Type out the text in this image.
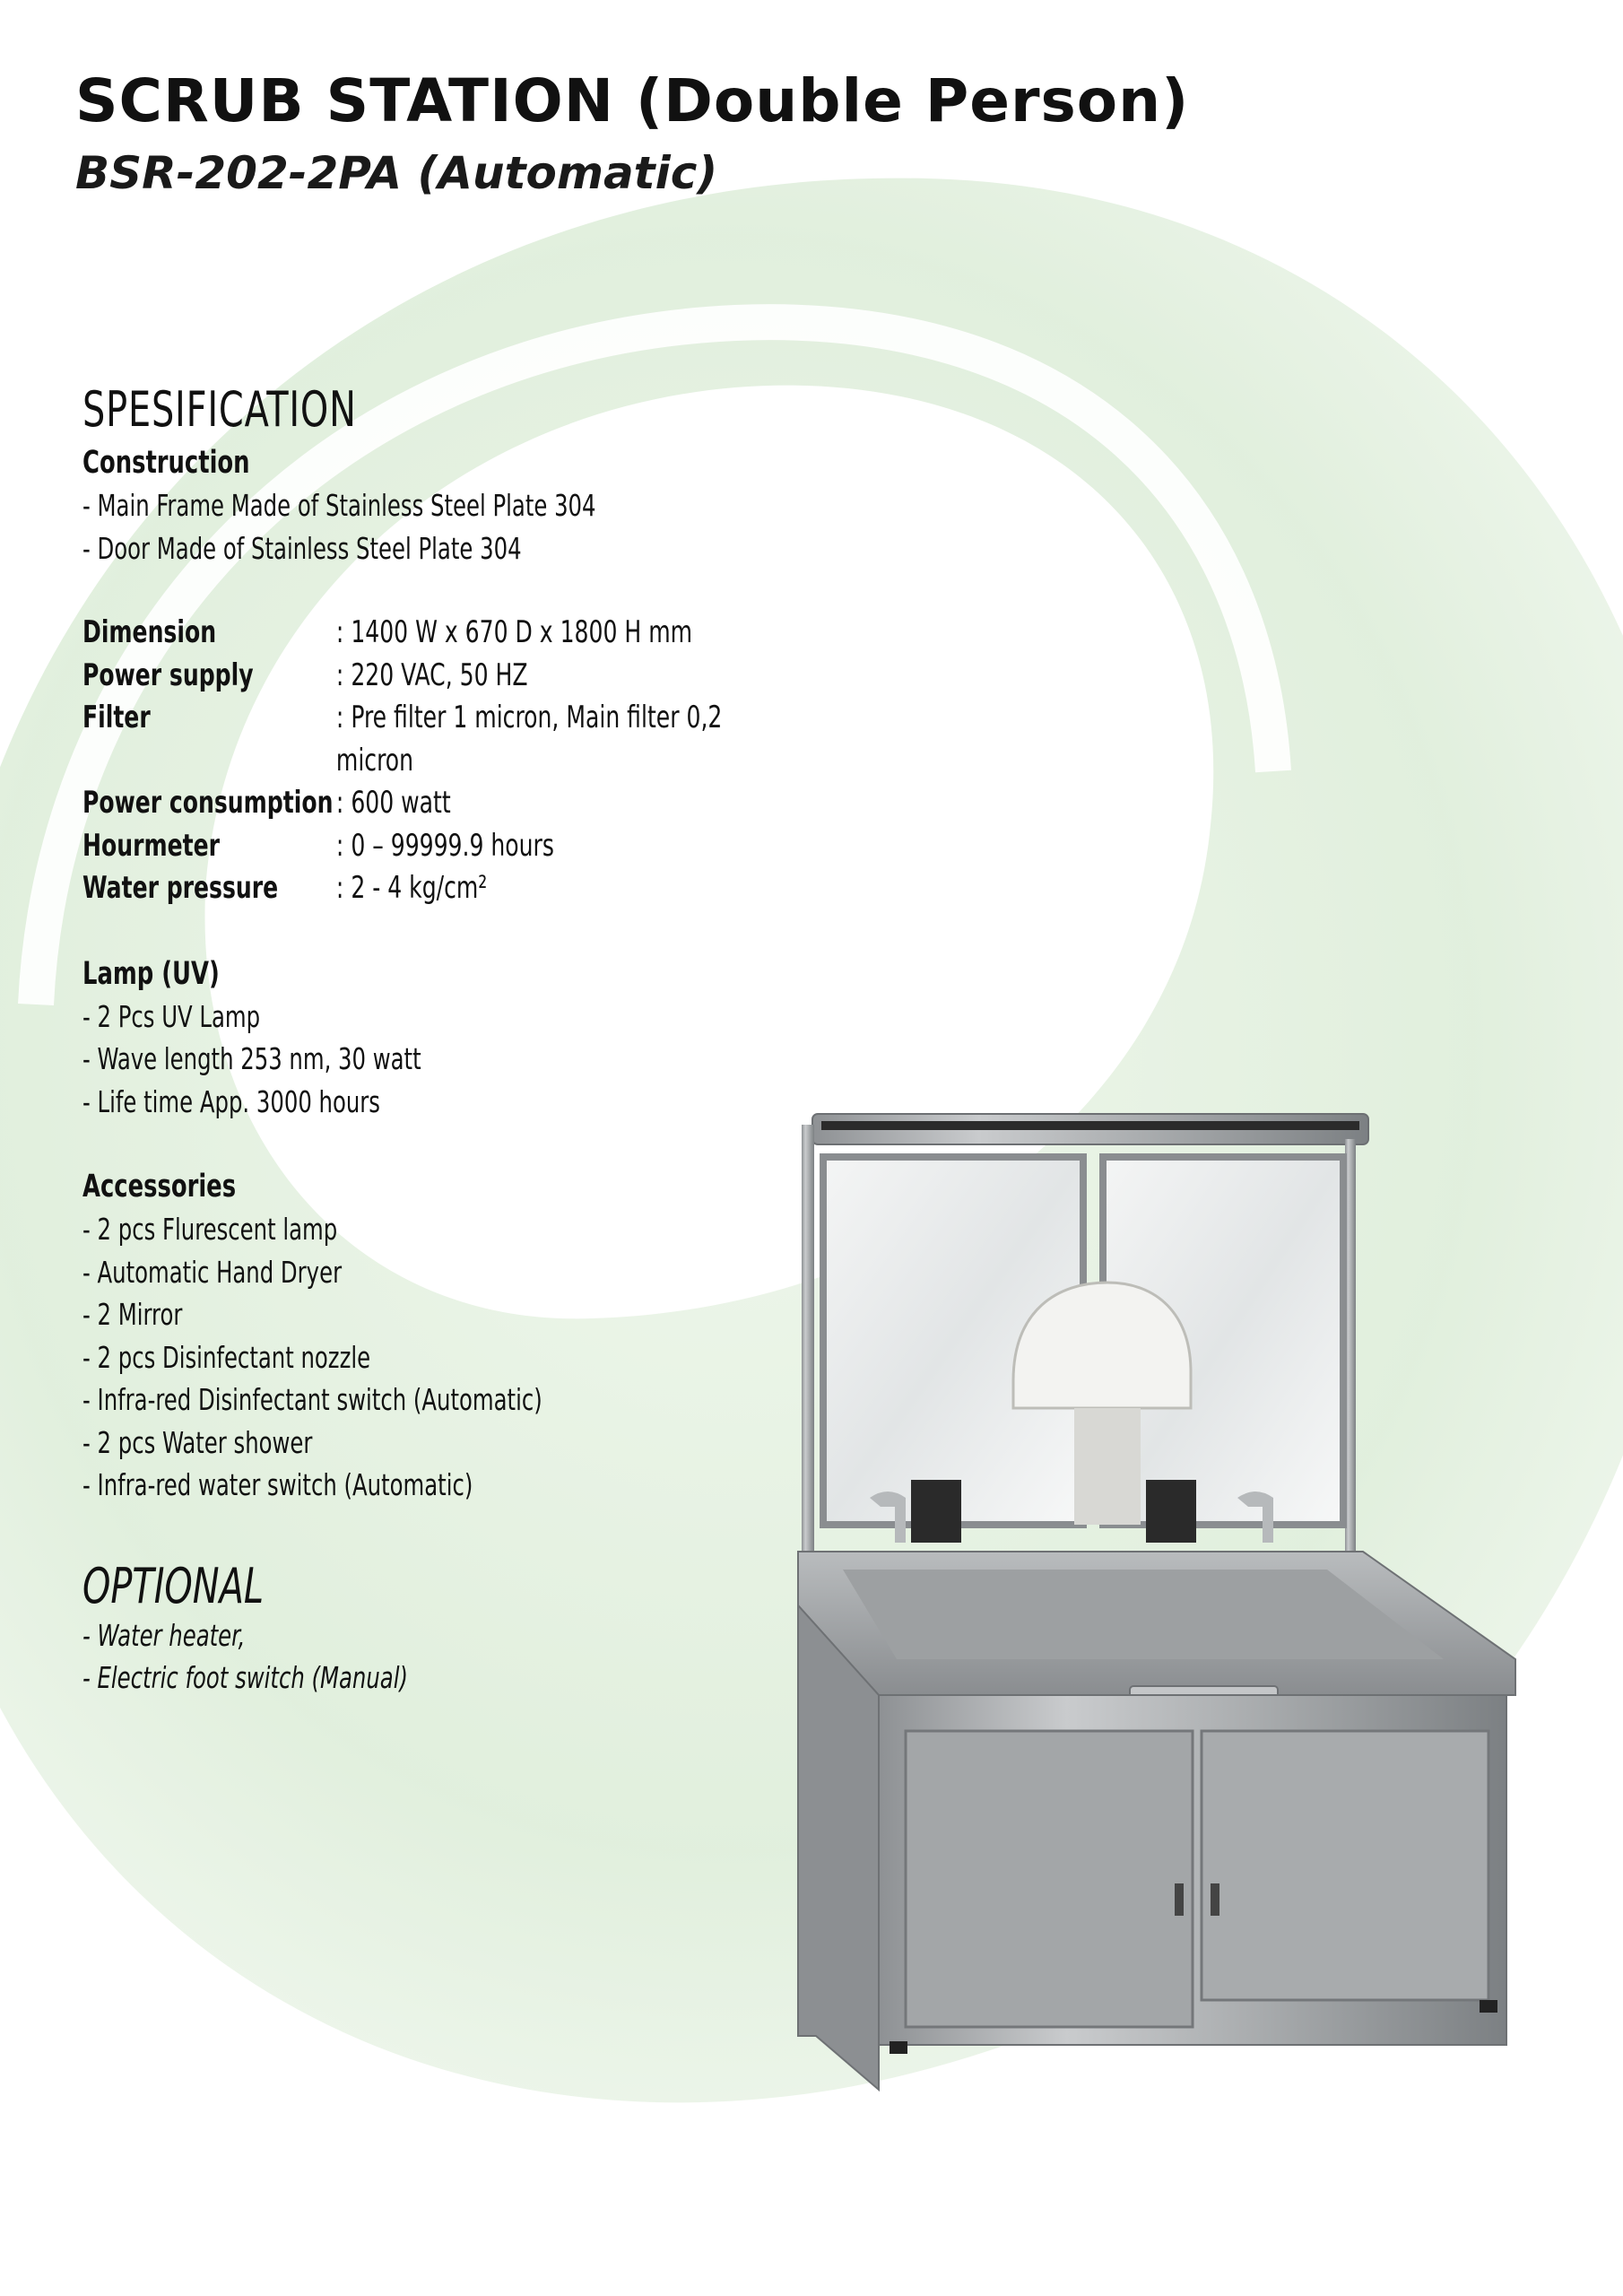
SCRUB STATION (Double Person)
BSR-202-2PA (Automatic)
SPESIFICATION
Construction
- Main Frame Made of Stainless Steel Plate 304
- Door Made of Stainless Steel Plate 304
Dimension	: 1400 W x 670 D x 1800 H mm
Power supply	: 220 VAC, 50 HZ
Filter	: Pre filter 1 micron, Main filter 0,2 micron
Power consumption : 600 watt
Hourmeter	: 0 – 99999.9 hours
Water pressure	: 2 - 4 kg/cm²
Lamp (UV)
- 2 Pcs UV Lamp
- Wave length 253 nm, 30 watt
- Life time App. 3000 hours
Accessories
- 2 pcs Flurescent lamp
- Automatic Hand Dryer
- 2 Mirror
- 2 pcs Disinfectant nozzle
- Infra-red Disinfectant switch (Automatic)
- 2 pcs Water shower
- Infra-red water switch (Automatic)
OPTIONAL
- Water heater,
- Electric foot switch (Manual)
